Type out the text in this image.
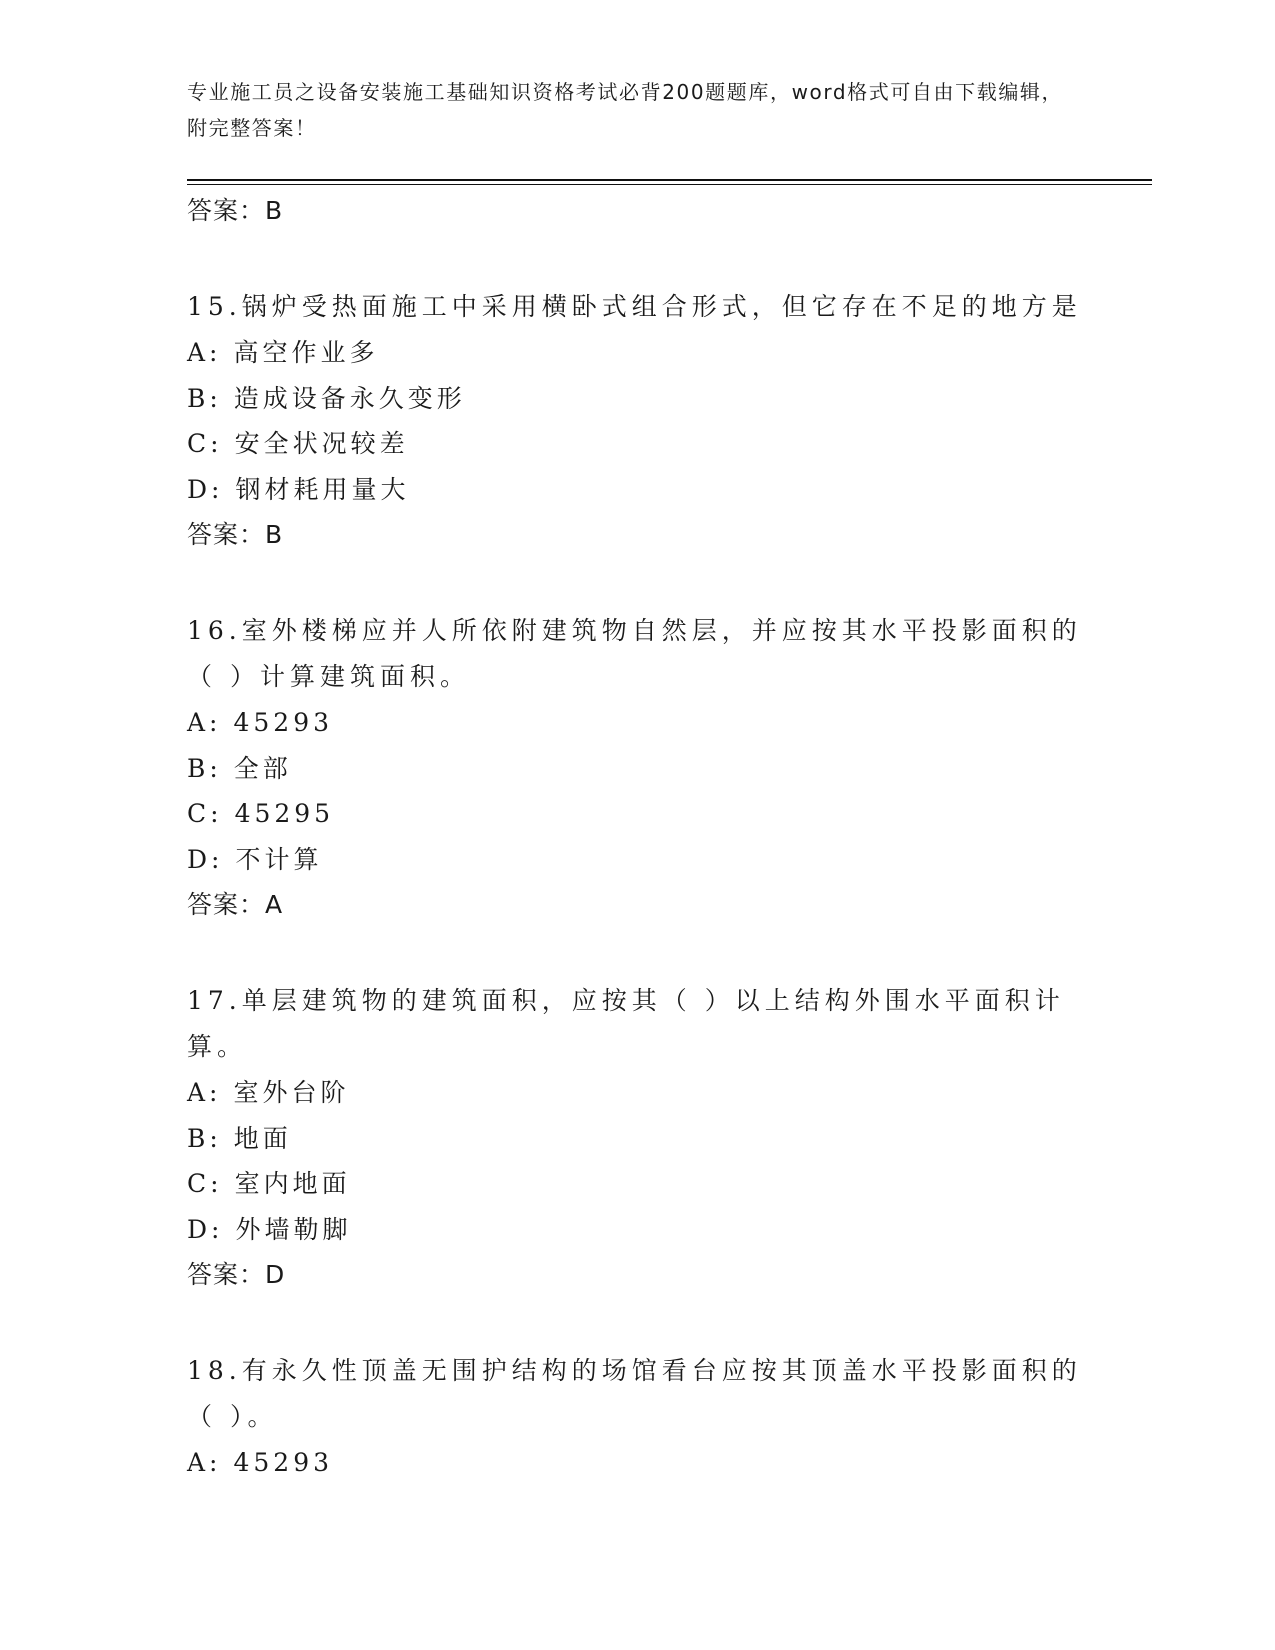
专业施工员之设备安装施工基础知识资格考试必背200题题库，word格式可自由下载编辑，附完整答案！

答案：B

15.锅炉受热面施工中采用横卧式组合形式，但它存在不足的地方是

A: 高空作业多

B: 造成设备永久变形

C: 安全状况较差

D: 钢材耗用量大

答案：B

16.室外楼梯应并人所依附建筑物自然层，并应按其水平投影面积的（ ）计算建筑面积。

A: 45293

B: 全部

C: 45295

D: 不计算

答案：A

17.单层建筑物的建筑面积，应按其（ ）以上结构外围水平面积计算。

A: 室外台阶

B: 地面

C: 室内地面

D: 外墙勒脚

答案：D

18.有永久性顶盖无围护结构的场馆看台应按其顶盖水平投影面积的（ ）。

A: 45293
